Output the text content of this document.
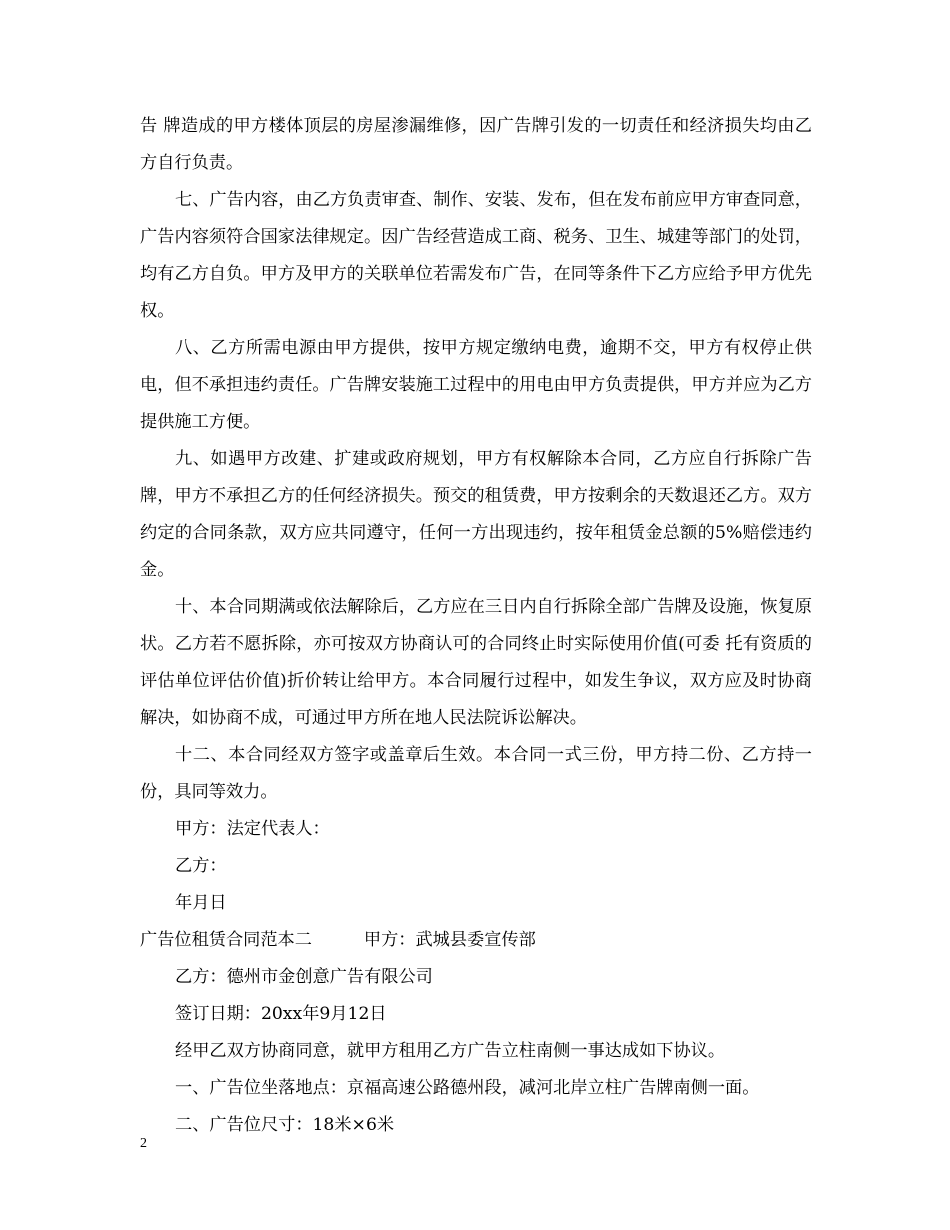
告 牌造成的甲方楼体顶层的房屋渗漏维修，因广告牌引发的一切责任和经济损失均由乙方自行负责。

七、广告内容，由乙方负责审查、制作、安装、发布，但在发布前应甲方审查同意，广告内容须符合国家法律规定。因广告经营造成工商、税务、卫生、城建等部门的处罚，均有乙方自负。甲方及甲方的关联单位若需发布广告，在同等条件下乙方应给予甲方优先权。

八、乙方所需电源由甲方提供，按甲方规定缴纳电费，逾期不交，甲方有权停止供电，但不承担违约责任。广告牌安装施工过程中的用电由甲方负责提供，甲方并应为乙方提供施工方便。

九、如遇甲方改建、扩建或政府规划，甲方有权解除本合同，乙方应自行拆除广告牌，甲方不承担乙方的任何经济损失。预交的租赁费，甲方按剩余的天数退还乙方。双方约定的合同条款，双方应共同遵守，任何一方出现违约，按年租赁金总额的5%赔偿违约金。

十、本合同期满或依法解除后，乙方应在三日内自行拆除全部广告牌及设施，恢复原状。乙方若不愿拆除，亦可按双方协商认可的合同终止时实际使用价值(可委 托有资质的评估单位评估价值)折价转让给甲方。本合同履行过程中，如发生争议，双方应及时协商解决，如协商不成，可通过甲方所在地人民法院诉讼解决。

十二、本合同经双方签字或盖章后生效。本合同一式三份，甲方持二份、乙方持一份，具同等效力。

甲方：法定代表人：

乙方：

年月日

广告位租赁合同范本二	甲方：武城县委宣传部

乙方：德州市金创意广告有限公司

签订日期：20xx年9月12日

经甲乙双方协商同意，就甲方租用乙方广告立柱南侧一事达成如下协议。

一、广告位坐落地点：京福高速公路德州段，减河北岸立柱广告牌南侧一面。

二、广告位尺寸：18米×6米

2
